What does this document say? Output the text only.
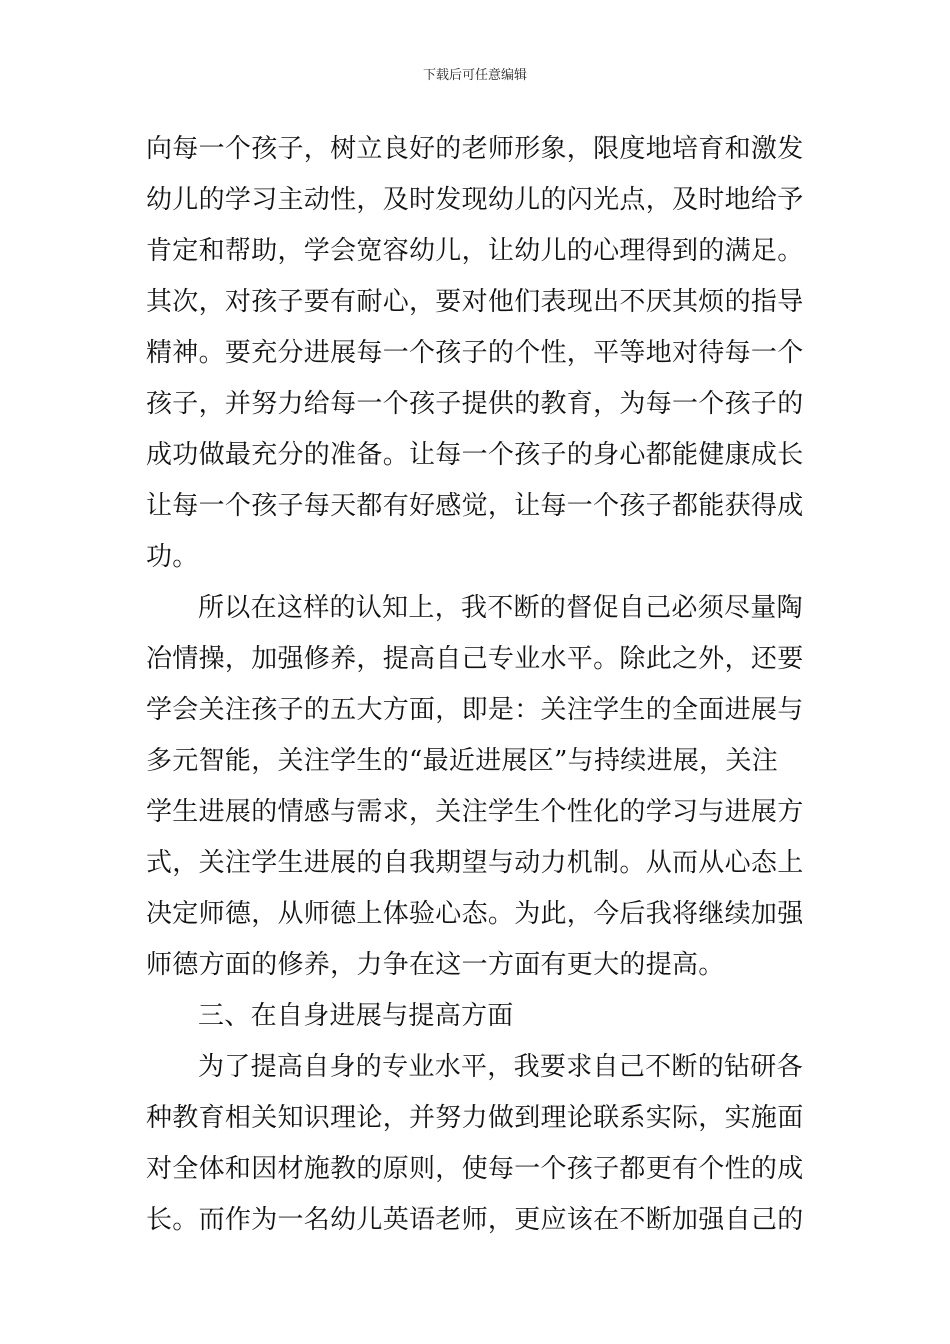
下载后可任意编辑
向每一个孩子，树立良好的老师形象，限度地培育和激发
幼儿的学习主动性，及时发现幼儿的闪光点，及时地给予
肯定和帮助，学会宽容幼儿，让幼儿的心理得到的满足。
其次，对孩子要有耐心，要对他们表现出不厌其烦的指导
精神。要充分进展每一个孩子的个性，平等地对待每一个
孩子，并努力给每一个孩子提供的教育，为每一个孩子的
成功做最充分的准备。让每一个孩子的身心都能健康成长
让每一个孩子每天都有好感觉，让每一个孩子都能获得成
功。
所以在这样的认知上，我不断的督促自己必须尽量陶
冶情操，加强修养，提高自己专业水平。除此之外，还要
学会关注孩子的五大方面，即是：关注学生的全面进展与
多元智能，关注学生的“最近进展区”与持续进展，关注
学生进展的情感与需求，关注学生个性化的学习与进展方
式，关注学生进展的自我期望与动力机制。从而从心态上
决定师德，从师德上体验心态。为此，今后我将继续加强
师德方面的修养，力争在这一方面有更大的提高。
三、在自身进展与提高方面
为了提高自身的专业水平，我要求自己不断的钻研各
种教育相关知识理论，并努力做到理论联系实际，实施面
对全体和因材施教的原则，使每一个孩子都更有个性的成
长。而作为一名幼儿英语老师，更应该在不断加强自己的
